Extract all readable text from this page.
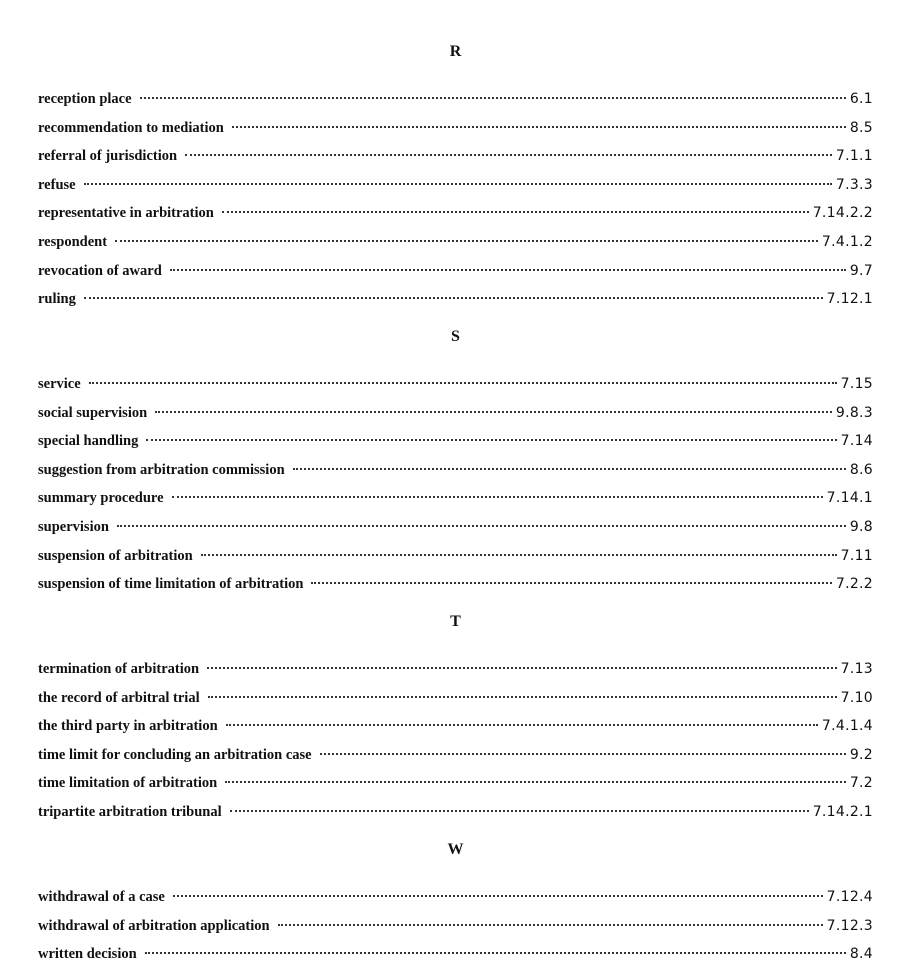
R
reception place	6.1
recommendation to mediation	8.5
referral of jurisdiction	7.1.1
refuse	7.3.3
representative in arbitration	7.14.2.2
respondent	7.4.1.2
revocation of award	9.7
ruling	7.12.1
S
service	7.15
social supervision	9.8.3
special handling	7.14
suggestion from arbitration commission	8.6
summary procedure	7.14.1
supervision	9.8
suspension of arbitration	7.11
suspension of time limitation of arbitration	7.2.2
T
termination of arbitration	7.13
the record of arbitral trial	7.10
the third party in arbitration	7.4.1.4
time limit for concluding an arbitration case	9.2
time limitation of arbitration	7.2
tripartite arbitration tribunal	7.14.2.1
W
withdrawal of a case	7.12.4
withdrawal of arbitration application	7.12.3
written decision	8.4
